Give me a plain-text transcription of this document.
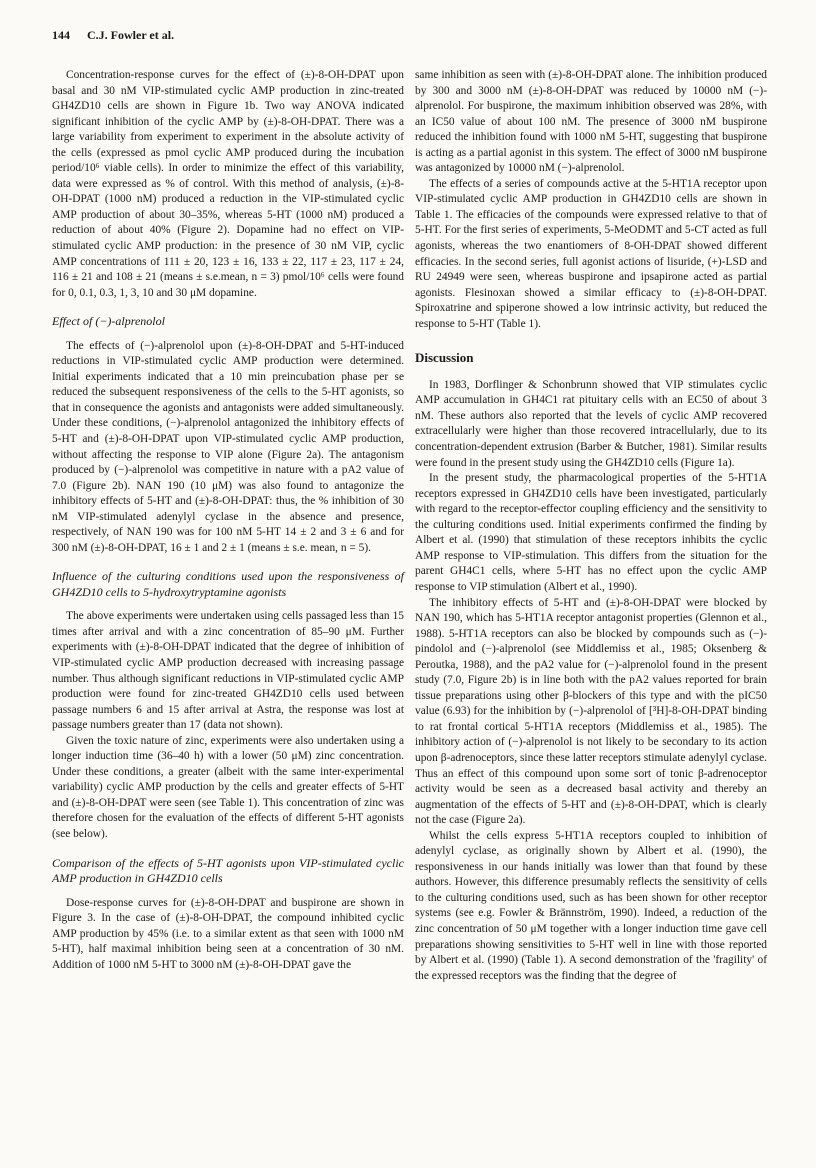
144 C.J. Fowler et al.

Concentration-response curves for the effect of (±)-8-OH-DPAT upon basal and 30 nM VIP-stimulated cyclic AMP production in zinc-treated GH4ZD10 cells are shown in Figure 1b. Two way ANOVA indicated significant inhibition of the cyclic AMP by (±)-8-OH-DPAT. There was a large variability from experiment to experiment in the absolute activity of the cells (expressed as pmol cyclic AMP produced during the incubation period/10⁶ viable cells). In order to minimize the effect of this variability, data were expressed as % of control. With this method of analysis, (±)-8-OH-DPAT (1000 nM) produced a reduction in the VIP-stimulated cyclic AMP production of about 30–35%, whereas 5-HT (1000 nM) produced a reduction of about 40% (Figure 2). Dopamine had no effect on VIP-stimulated cyclic AMP production: in the presence of 30 nM VIP, cyclic AMP concentrations of 111 ± 20, 123 ± 16, 133 ± 22, 117 ± 23, 117 ± 24, 116 ± 21 and 108 ± 21 (means ± s.e.mean, n = 3) pmol/10⁶ cells were found for 0, 0.1, 0.3, 1, 3, 10 and 30 μM dopamine.

Effect of (−)-alprenolol

The effects of (−)-alprenolol upon (±)-8-OH-DPAT and 5-HT-induced reductions in VIP-stimulated cyclic AMP production were determined. Initial experiments indicated that a 10 min preincubation phase per se reduced the subsequent responsiveness of the cells to the 5-HT agonists, so that in consequence the agonists and antagonists were added simultaneously. Under these conditions, (−)-alprenolol antagonized the inhibitory effects of 5-HT and (±)-8-OH-DPAT upon VIP-stimulated cyclic AMP production, without affecting the response to VIP alone (Figure 2a). The antagonism produced by (−)-alprenolol was competitive in nature with a pA2 value of 7.0 (Figure 2b). NAN 190 (10 μM) was also found to antagonize the inhibitory effects of 5-HT and (±)-8-OH-DPAT: thus, the % inhibition of 30 nM VIP-stimulated adenylyl cyclase in the absence and presence, respectively, of NAN 190 was for 100 nM 5-HT 14 ± 2 and 3 ± 6 and for 300 nM (±)-8-OH-DPAT, 16 ± 1 and 2 ± 1 (means ± s.e. mean, n = 5).

Influence of the culturing conditions used upon the responsiveness of GH4ZD10 cells to 5-hydroxytryptamine agonists

The above experiments were undertaken using cells passaged less than 15 times after arrival and with a zinc concentration of 85–90 μM. Further experiments with (±)-8-OH-DPAT indicated that the degree of inhibition of VIP-stimulated cyclic AMP production decreased with increasing passage number. Thus although significant reductions in VIP-stimulated cyclic AMP production were found for zinc-treated GH4ZD10 cells used between passage numbers 6 and 15 after arrival at Astra, the response was lost at passage numbers greater than 17 (data not shown).

Given the toxic nature of zinc, experiments were also undertaken using a longer induction time (36–40 h) with a lower (50 μM) zinc concentration. Under these conditions, a greater (albeit with the same inter-experimental variability) cyclic AMP production by the cells and greater effects of 5-HT and (±)-8-OH-DPAT were seen (see Table 1). This concentration of zinc was therefore chosen for the evaluation of the effects of different 5-HT agonists (see below).

Comparison of the effects of 5-HT agonists upon VIP-stimulated cyclic AMP production in GH4ZD10 cells

Dose-response curves for (±)-8-OH-DPAT and buspirone are shown in Figure 3. In the case of (±)-8-OH-DPAT, the compound inhibited cyclic AMP production by 45% (i.e. to a similar extent as that seen with 1000 nM 5-HT), half maximal inhibition being seen at a concentration of 30 nM. Addition of 1000 nM 5-HT to 3000 nM (±)-8-OH-DPAT gave the

same inhibition as seen with (±)-8-OH-DPAT alone. The inhibition produced by 300 and 3000 nM (±)-8-OH-DPAT was reduced by 10000 nM (−)-alprenolol. For buspirone, the maximum inhibition observed was 28%, with an IC50 value of about 100 nM. The presence of 3000 nM buspirone reduced the inhibition found with 1000 nM 5-HT, suggesting that buspirone is acting as a partial agonist in this system. The effect of 3000 nM buspirone was antagonized by 10000 nM (−)-alprenolol.

The effects of a series of compounds active at the 5-HT1A receptor upon VIP-stimulated cyclic AMP production in GH4ZD10 cells are shown in Table 1. The efficacies of the compounds were expressed relative to that of 5-HT. For the first series of experiments, 5-MeODMT and 5-CT acted as full agonists, whereas the two enantiomers of 8-OH-DPAT showed different efficacies. In the second series, full agonist actions of lisuride, (+)-LSD and RU 24949 were seen, whereas buspirone and ipsapirone acted as partial agonists. Flesinoxan showed a similar efficacy to (±)-8-OH-DPAT. Spiroxatrine and spiperone showed a low intrinsic activity, but reduced the response to 5-HT (Table 1).

Discussion

In 1983, Dorflinger & Schonbrunn showed that VIP stimulates cyclic AMP accumulation in GH4C1 rat pituitary cells with an EC50 of about 3 nM. These authors also reported that the levels of cyclic AMP recovered extracellularly were higher than those recovered intracellularly, due to its concentration-dependent extrusion (Barber & Butcher, 1981). Similar results were found in the present study using the GH4ZD10 cells (Figure 1a).

In the present study, the pharmacological properties of the 5-HT1A receptors expressed in GH4ZD10 cells have been investigated, particularly with regard to the receptor-effector coupling efficiency and the sensitivity to the culturing conditions used. Initial experiments confirmed the finding by Albert et al. (1990) that stimulation of these receptors inhibits the cyclic AMP response to VIP-stimulation. This differs from the situation for the parent GH4C1 cells, where 5-HT has no effect upon the cyclic AMP response to VIP stimulation (Albert et al., 1990).

The inhibitory effects of 5-HT and (±)-8-OH-DPAT were blocked by NAN 190, which has 5-HT1A receptor antagonist properties (Glennon et al., 1988). 5-HT1A receptors can also be blocked by compounds such as (−)-pindolol and (−)-alprenolol (see Middlemiss et al., 1985; Oksenberg & Peroutka, 1988), and the pA2 value for (−)-alprenolol found in the present study (7.0, Figure 2b) is in line both with the pA2 values reported for brain tissue preparations using other β-blockers of this type and with the pIC50 value (6.93) for the inhibition by (−)-alprenolol of [³H]-8-OH-DPAT binding to rat frontal cortical 5-HT1A receptors (Middlemiss et al., 1985). The inhibitory action of (−)-alprenolol is not likely to be secondary to its action upon β-adrenoceptors, since these latter receptors stimulate adenylyl cyclase. Thus an effect of this compound upon some sort of tonic β-adrenoceptor activity would be seen as a decreased basal activity and thereby an augmentation of the effects of 5-HT and (±)-8-OH-DPAT, which is clearly not the case (Figure 2a).

Whilst the cells express 5-HT1A receptors coupled to inhibition of adenylyl cyclase, as originally shown by Albert et al. (1990), the responsiveness in our hands initially was lower than that found by these authors. However, this difference presumably reflects the sensitivity of cells to the culturing conditions used, such as has been shown for other receptor systems (see e.g. Fowler & Brännström, 1990). Indeed, a reduction of the zinc concentration of 50 μM together with a longer induction time gave cell preparations showing sensitivities to 5-HT well in line with those reported by Albert et al. (1990) (Table 1). A second demonstration of the 'fragility' of the expressed receptors was the finding that the degree of
